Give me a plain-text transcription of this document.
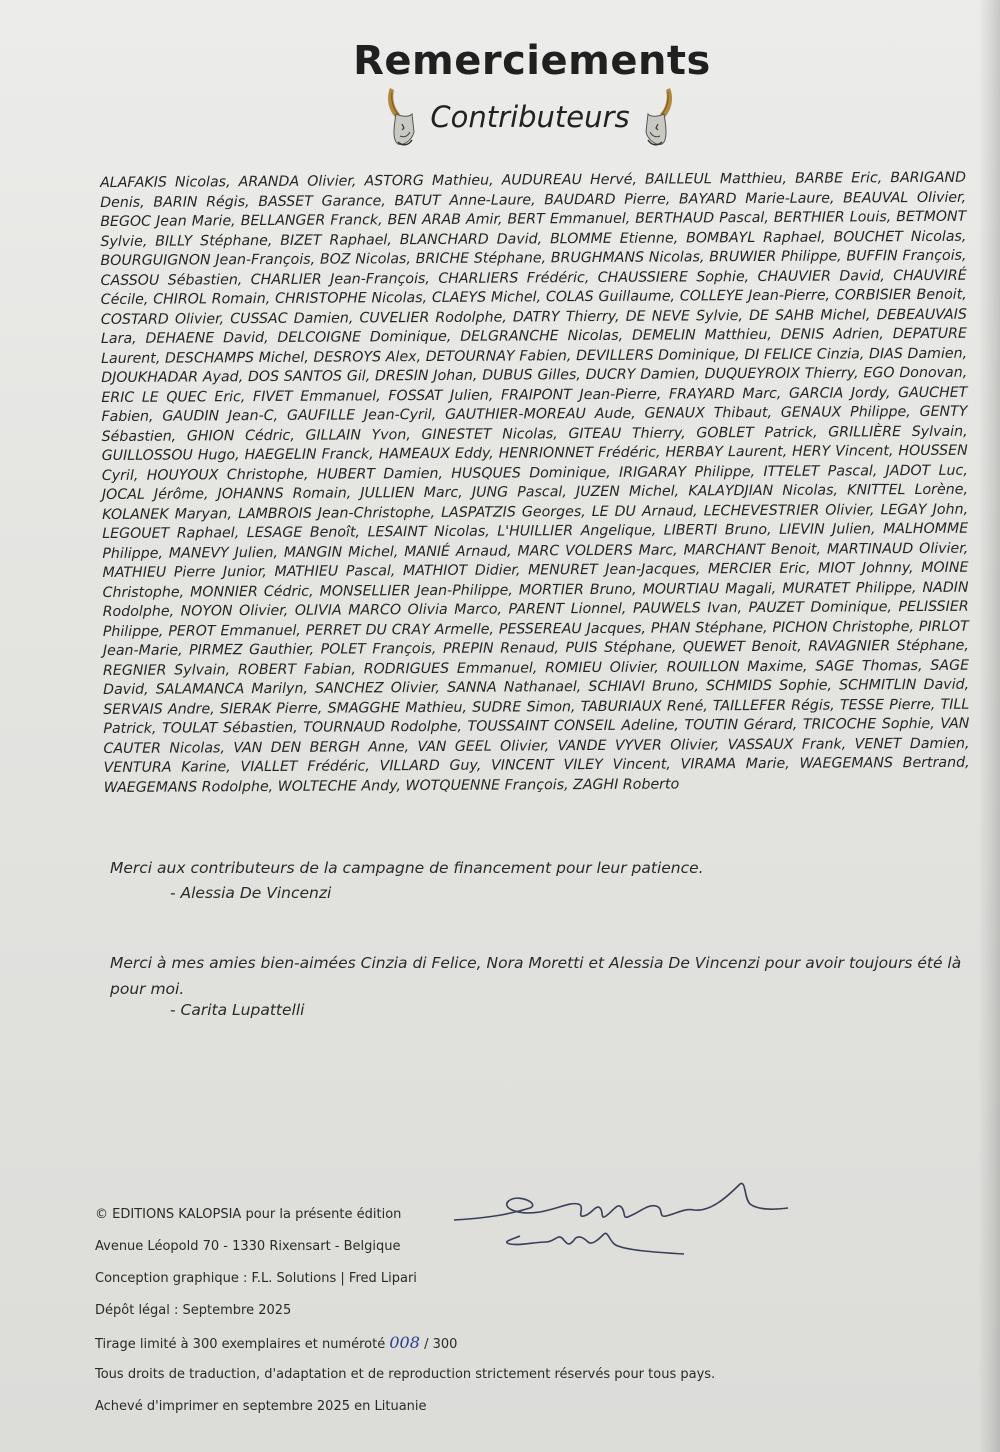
Remerciements
Contributeurs

ALAFAKIS Nicolas, ARANDA Olivier, ASTORG Mathieu, AUDUREAU Hervé, BAILLEUL Matthieu, BARBE Eric, BARIGAND Denis, BARIN Régis, BASSET Garance, BATUT Anne-Laure, BAUDARD Pierre, BAYARD Marie-Laure, BEAUVAL Olivier, BEGOC Jean Marie, BELLANGER Franck, BEN ARAB Amir, BERT Emmanuel, BERTHAUD Pascal, BERTHIER Louis, BETMONT Sylvie, BILLY Stéphane, BIZET Raphael, BLANCHARD David, BLOMME Etienne, BOMBAYL Raphael, BOUCHET Nicolas, BOURGUIGNON Jean-François, BOZ Nicolas, BRICHE Stéphane, BRUGHMANS Nicolas, BRUWIER Philippe, BUFFIN François, CASSOU Sébastien, CHARLIER Jean-François, CHARLIERS Frédéric, CHAUSSIERE Sophie, CHAUVIER David, CHAUVIRÉ Cécile, CHIROL Romain, CHRISTOPHE Nicolas, CLAEYS Michel, COLAS Guillaume, COLLEYE Jean-Pierre, CORBISIER Benoit, COSTARD Olivier, CUSSAC Damien, CUVELIER Rodolphe, DATRY Thierry, DE NEVE Sylvie, DE SAHB Michel, DEBEAUVAIS Lara, DEHAENE David, DELCOIGNE Dominique, DELGRANCHE Nicolas, DEMELIN Matthieu, DENIS Adrien, DEPATURE Laurent, DESCHAMPS Michel, DESROYS Alex, DETOURNAY Fabien, DEVILLERS Dominique, DI FELICE Cinzia, DIAS Damien, DJOUKHADAR Ayad, DOS SANTOS Gil, DRESIN Johan, DUBUS Gilles, DUCRY Damien, DUQUEYROIX Thierry, EGO Donovan, ERIC LE QUEC Eric, FIVET Emmanuel, FOSSAT Julien, FRAIPONT Jean-Pierre, FRAYARD Marc, GARCIA Jordy, GAUCHET Fabien, GAUDIN Jean-C, GAUFILLE Jean-Cyril, GAUTHIER-MOREAU Aude, GENAUX Thibaut, GENAUX Philippe, GENTY Sébastien, GHION Cédric, GILLAIN Yvon, GINESTET Nicolas, GITEAU Thierry, GOBLET Patrick, GRILLIÈRE Sylvain, GUILLOSSOU Hugo, HAEGELIN Franck, HAMEAUX Eddy, HENRIONNET Frédéric, HERBAY Laurent, HERY Vincent, HOUSSEN Cyril, HOUYOUX Christophe, HUBERT Damien, HUSQUES Dominique, IRIGARAY Philippe, ITTELET Pascal, JADOT Luc, JOCAL Jérôme, JOHANNS Romain, JULLIEN Marc, JUNG Pascal, JUZEN Michel, KALAYDJIAN Nicolas, KNITTEL Lorène, KOLANEK Maryan, LAMBROIS Jean-Christophe, LASPATZIS Georges, LE DU Arnaud, LECHEVESTRIER Olivier, LEGAY John, LEGOUET Raphael, LESAGE Benoît, LESAINT Nicolas, L'HUILLIER Angelique, LIBERTI Bruno, LIEVIN Julien, MALHOMME Philippe, MANEVY Julien, MANGIN Michel, MANIÉ Arnaud, MARC VOLDERS Marc, MARCHANT Benoit, MARTINAUD Olivier, MATHIEU Pierre Junior, MATHIEU Pascal, MATHIOT Didier, MENURET Jean-Jacques, MERCIER Eric, MIOT Johnny, MOINE Christophe, MONNIER Cédric, MONSELLIER Jean-Philippe, MORTIER Bruno, MOURTIAU Magali, MURATET Philippe, NADIN Rodolphe, NOYON Olivier, OLIVIA MARCO Olivia Marco, PARENT Lionnel, PAUWELS Ivan, PAUZET Dominique, PELISSIER Philippe, PEROT Emmanuel, PERRET DU CRAY Armelle, PESSEREAU Jacques, PHAN Stéphane, PICHON Christophe, PIRLOT Jean-Marie, PIRMEZ Gauthier, POLET François, PREPIN Renaud, PUIS Stéphane, QUEWET Benoit, RAVAGNIER Stéphane, REGNIER Sylvain, ROBERT Fabian, RODRIGUES Emmanuel, ROMIEU Olivier, ROUILLON Maxime, SAGE Thomas, SAGE David, SALAMANCA Marilyn, SANCHEZ Olivier, SANNA Nathanael, SCHIAVI Bruno, SCHMIDS Sophie, SCHMITLIN David, SERVAIS Andre, SIERAK Pierre, SMAGGHE Mathieu, SUDRE Simon, TABURIAUX René, TAILLEFER Régis, TESSE Pierre, TILL Patrick, TOULAT Sébastien, TOURNAUD Rodolphe, TOUSSAINT CONSEIL Adeline, TOUTIN Gérard, TRICOCHE Sophie, VAN CAUTER Nicolas, VAN DEN BERGH Anne, VAN GEEL Olivier, VANDE VYVER Olivier, VASSAUX Frank, VENET Damien, VENTURA Karine, VIALLET Frédéric, VILLARD Guy, VINCENT VILEY Vincent, VIRAMA Marie, WAEGEMANS Bertrand, WAEGEMANS Rodolphe, WOLTECHE Andy, WOTQUENNE François, ZAGHI Roberto

Merci aux contributeurs de la campagne de financement pour leur patience.

- Alessia De Vincenzi

Merci à mes amies bien-aimées Cinzia di Felice, Nora Moretti et Alessia De Vincenzi pour avoir toujours été là pour moi.

- Carita Lupattelli

© EDITIONS KALOPSIA pour la présente édition
Avenue Léopold 70 - 1330 Rixensart - Belgique
Conception graphique : F.L. Solutions | Fred Lipari
Dépôt légal : Septembre 2025
Tirage limité à 300 exemplaires et numéroté 008 / 300
Tous droits de traduction, d'adaptation et de reproduction strictement réservés pour tous pays.
Achevé d'imprimer en septembre 2025 en Lituanie
